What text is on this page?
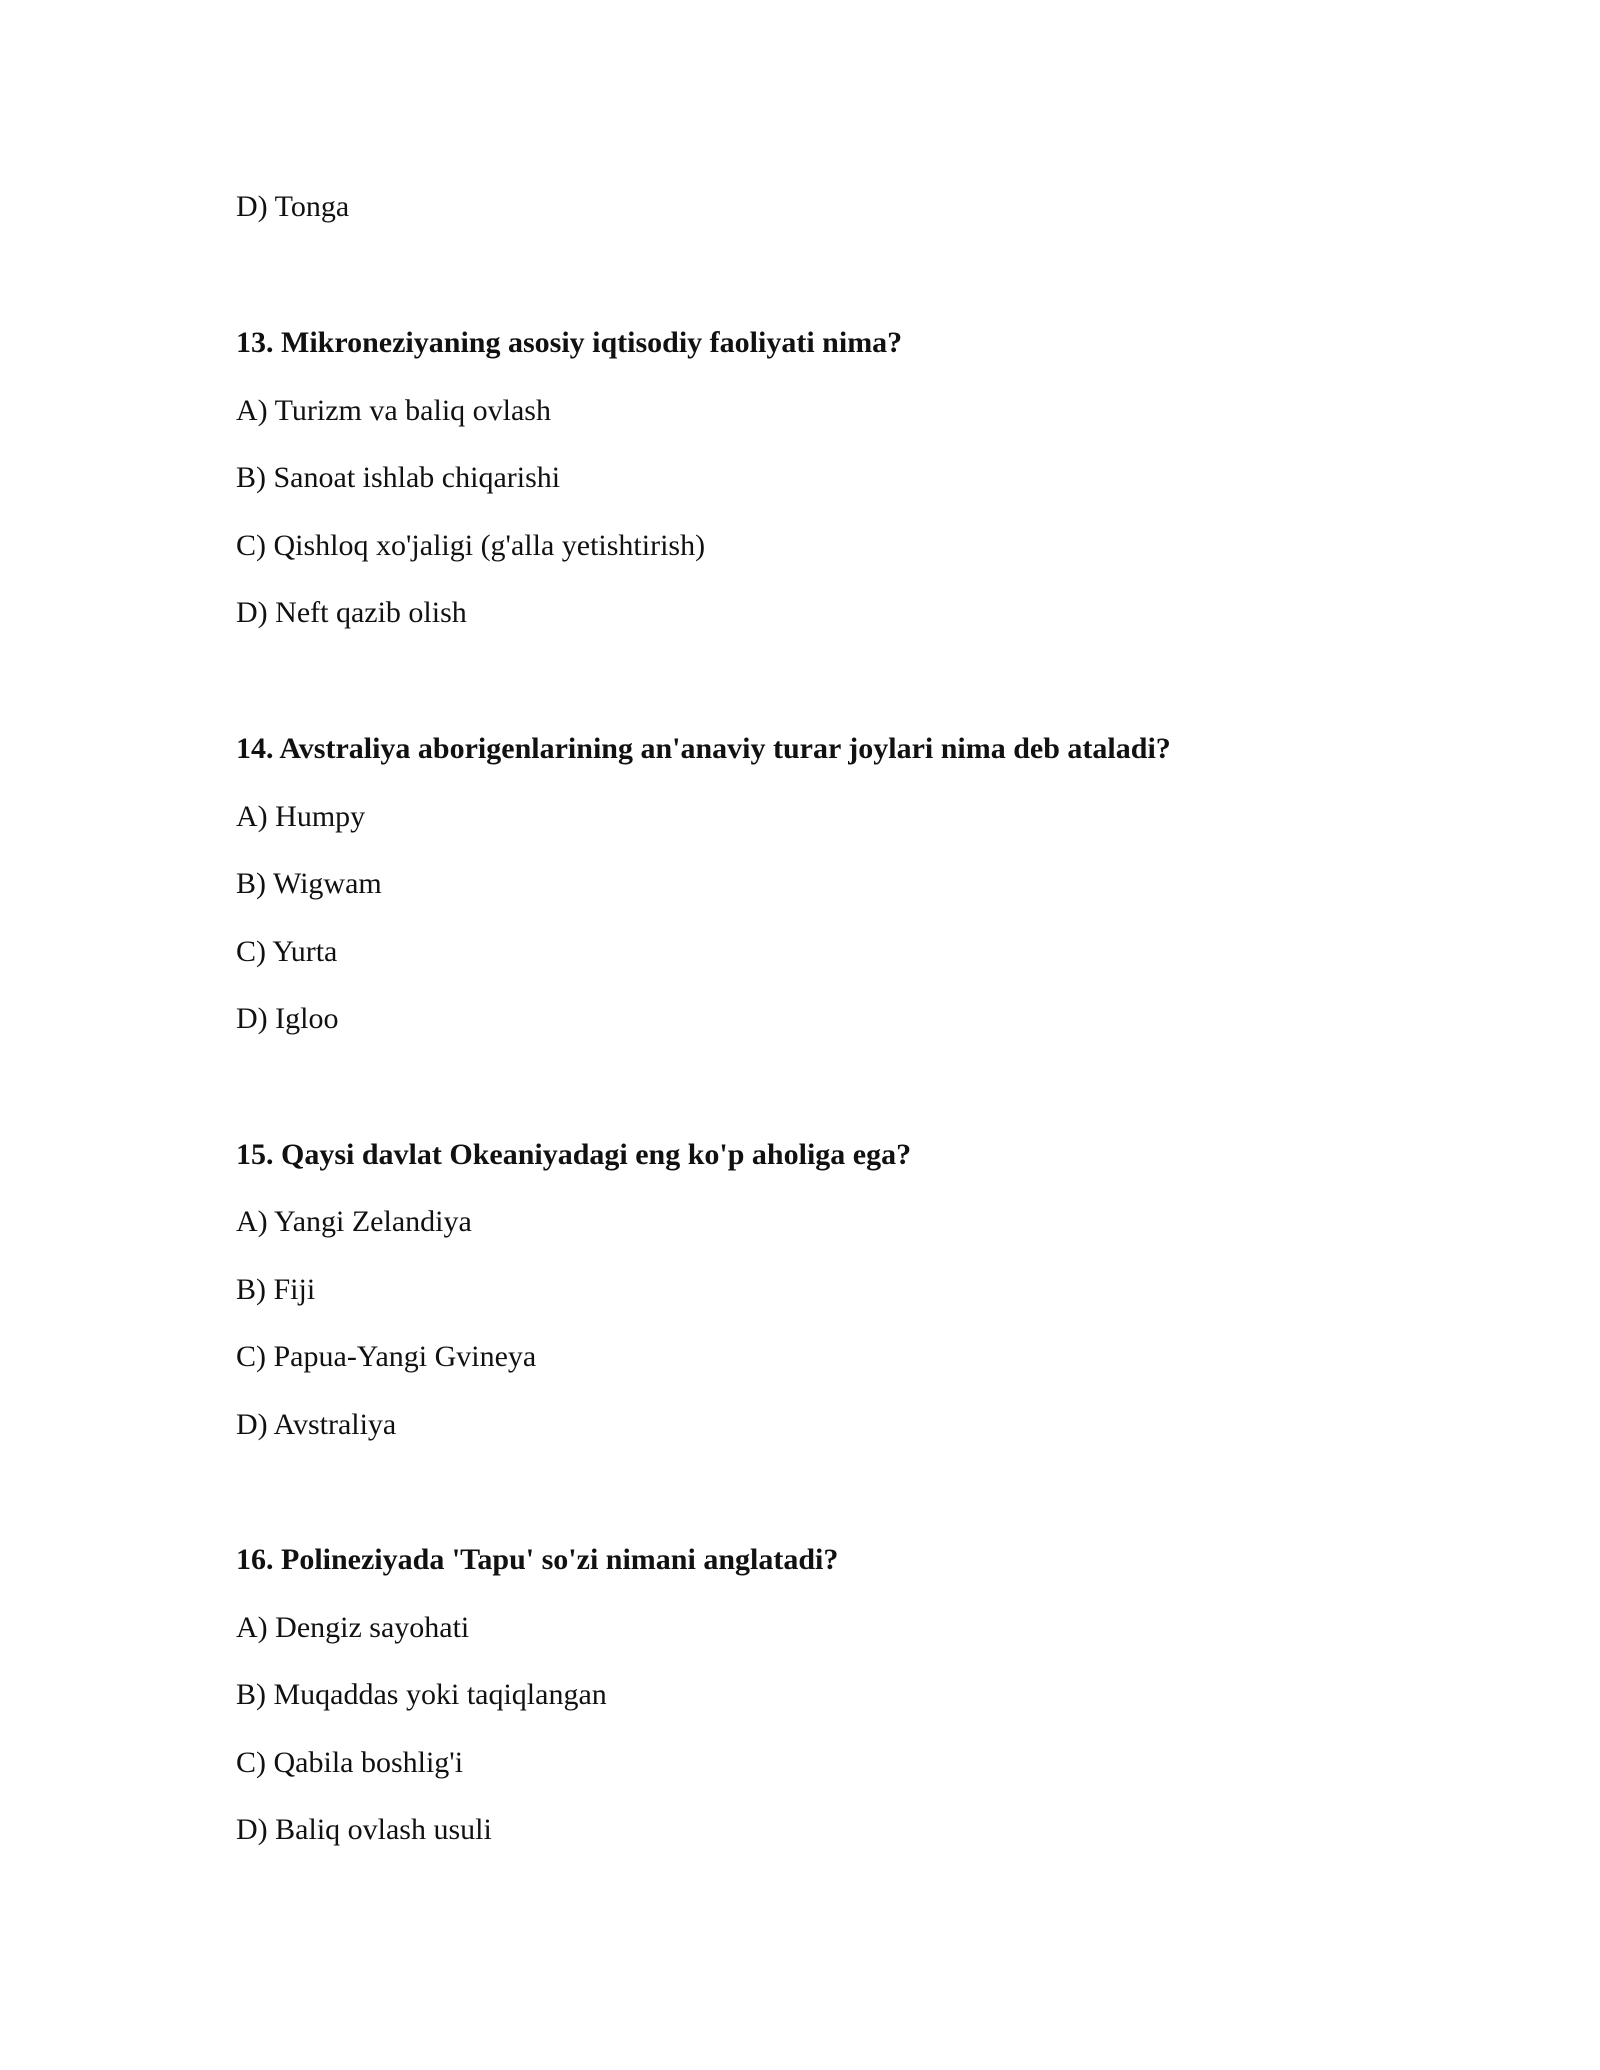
D) Tonga
13. Mikroneziyaning asosiy iqtisodiy faoliyati nima?
A) Turizm va baliq ovlash
B) Sanoat ishlab chiqarishi
C) Qishloq xo'jaligi (g'alla yetishtirish)
D) Neft qazib olish
14. Avstraliya aborigenlarining an'anaviy turar joylari nima deb ataladi?
A) Humpy
B) Wigwam
C) Yurta
D) Igloo
15. Qaysi davlat Okeaniyadagi eng ko'p aholiga ega?
A) Yangi Zelandiya
B) Fiji
C) Papua-Yangi Gvineya
D) Avstraliya
16. Polineziyada 'Tapu' so'zi nimani anglatadi?
A) Dengiz sayohati
B) Muqaddas yoki taqiqlangan
C) Qabila boshlig'i
D) Baliq ovlash usuli
